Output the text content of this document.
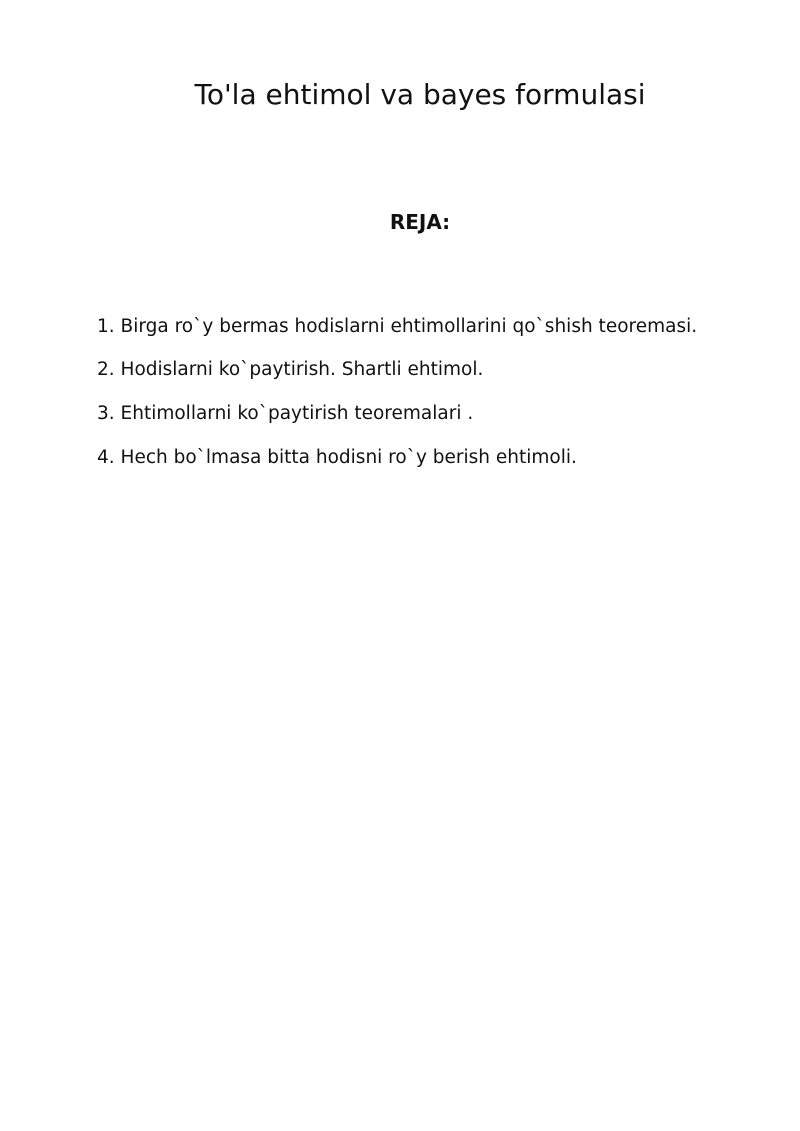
To'la ehtimol va bayes formulasi
REJA:
1. Birga ro`y bermas hodislarni ehtimollarini qo`shish teoremasi.
2. Hodislarni ko`paytirish. Shartli ehtimol.
3. Ehtimollarni ko`paytirish teoremalari .
4. Hech bo`lmasa bitta hodisni ro`y berish ehtimoli.
